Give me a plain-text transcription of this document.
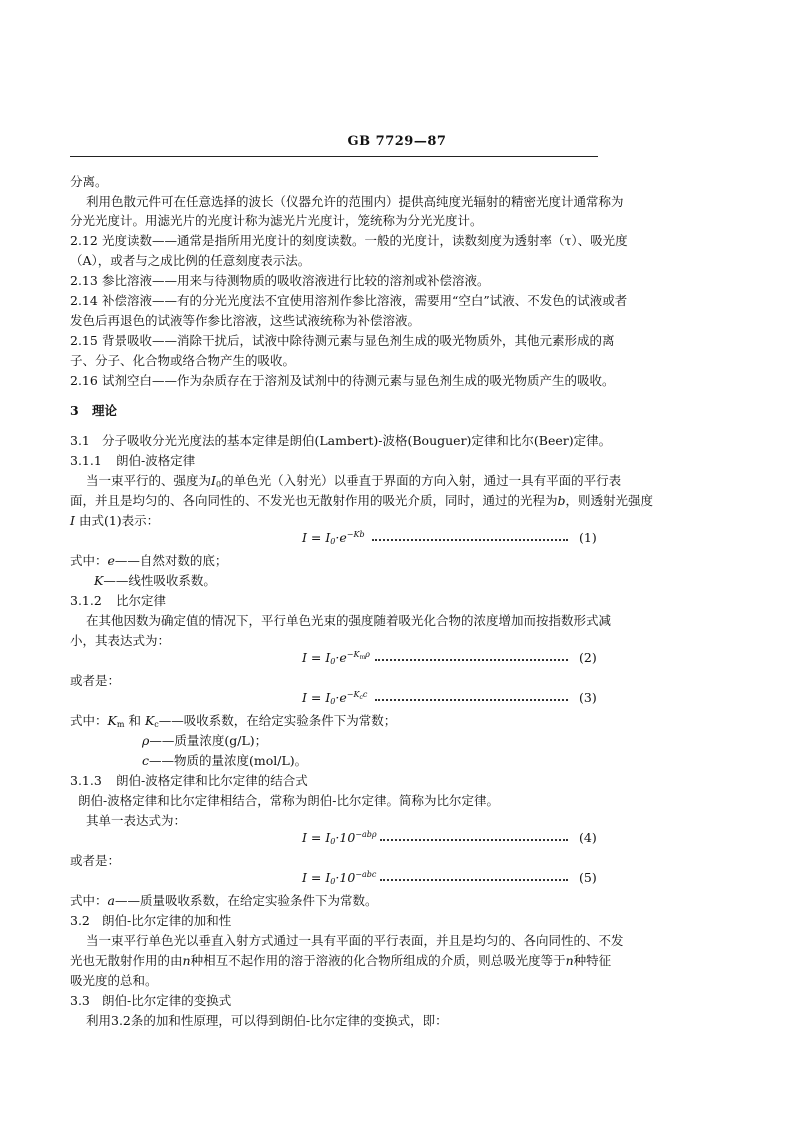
GB 7729—87
分离。
利用色散元件可在任意选择的波长（仪器允许的范围内）提供高纯度光辐射的精密光度计通常称为
分光光度计。用滤光片的光度计称为滤光片光度计，笼统称为分光光度计。
2.12 光度读数——通常是指所用光度计的刻度读数。一般的光度计，读数刻度为透射率（τ）、吸光度
（A），或者与之成比例的任意刻度表示法。
2.13 参比溶液——用来与待测物质的吸收溶液进行比较的溶剂或补偿溶液。
2.14 补偿溶液——有的分光光度法不宜使用溶剂作参比溶液，需要用“空白”试液、不发色的试液或者
发色后再退色的试液等作参比溶液，这些试液统称为补偿溶液。
2.15 背景吸收——消除干扰后，试液中除待测元素与显色剂生成的吸光物质外，其他元素形成的离
子、分子、化合物或络合物产生的吸收。
2.16 试剂空白——作为杂质存在于溶剂及试剂中的待测元素与显色剂生成的吸光物质产生的吸收。
3 理论
3.1 分子吸收分光光度法的基本定律是朗伯(Lambert)-波格(Bouguer)定律和比尔(Beer)定律。
3.1.1 朗伯-波格定律
当一束平行的、强度为$I_0$的单色光（入射光）以垂直于界面的方向入射，通过一具有平面的平行表
面，并且是均匀的、各向同性的、不发光也无散射作用的吸光介质，同时，通过的光程为b，则透射光强度
I 由式(1)表示：
$I = I_0\cdot e^{-Kb}$	(1)
式中：e——自然对数的底；
K——线性吸收系数。
3.1.2 比尔定律
在其他因数为确定值的情况下，平行单色光束的强度随着吸光化合物的浓度增加而按指数形式减
小，其表达式为：
$I = I_0\cdot e^{-K_m\rho}$	(2)
或者是：
$I = I_0\cdot e^{-K_cc}$	(3)
式中：$K_m$ 和 $K_c——$吸收系数，在给定实验条件下为常数；
ρ——质量浓度(g/L)；
c——物质的量浓度(mol/L)。
3.1.3 朗伯-波格定律和比尔定律的结合式
朗伯-波格定律和比尔定律相结合，常称为朗伯-比尔定律。简称为比尔定律。
其单一表达式为：
$I = I_0\cdot 10^{-ab\rho}$	(4)
或者是：
$I = I_0\cdot 10^{-abc}$	(5)
式中：a——质量吸收系数，在给定实验条件下为常数。
3.2 朗伯-比尔定律的加和性
当一束平行单色光以垂直入射方式通过一具有平面的平行表面，并且是均匀的、各向同性的、不发
光也无散射作用的由n种相互不起作用的溶于溶液的化合物所组成的介质，则总吸光度等于n种特征
吸光度的总和。
3.3 朗伯-比尔定律的变换式
利用3.2条的加和性原理，可以得到朗伯-比尔定律的变换式，即：
